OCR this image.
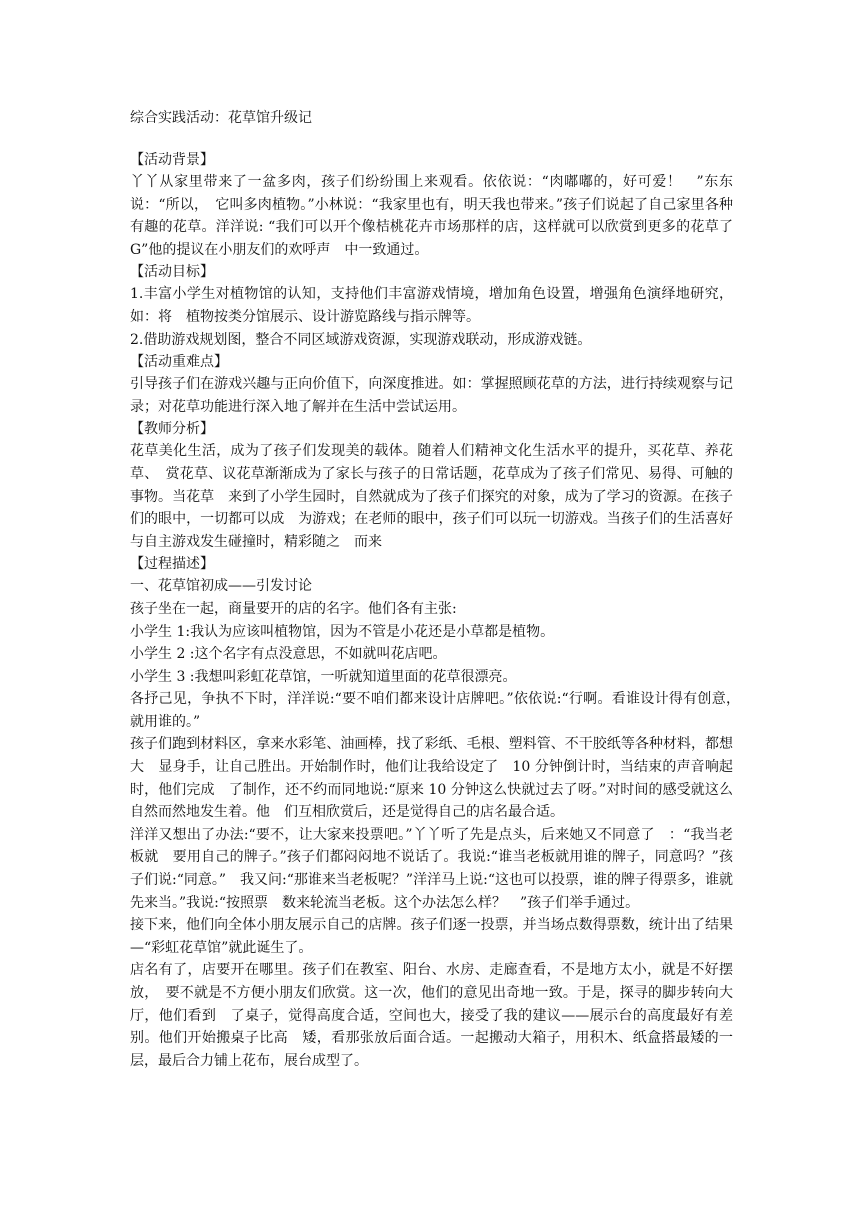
综合实践活动：花草馆升级记

【活动背景】

丫丫从家里带来了一盆多肉，孩子们纷纷围上来观看。依依说：“肉嘟嘟的，好可爱！　”东东说：“所以，　它叫多肉植物。”小林说：“我家里也有，明天我也带来。”孩子们说起了自己家里各种有趣的花草。洋洋说: “我们可以开个像桔桃花卉市场那样的店，这样就可以欣赏到更多的花草了　G”他的提议在小朋友们的欢呼声　中一致通过。

【活动目标】

1.丰富小学生对植物馆的认知，支持他们丰富游戏情境，增加角色设置，增强角色演绎地研究，如：将　植物按类分馆展示、设计游览路线与指示牌等。

2.借助游戏规划图，整合不同区域游戏资源，实现游戏联动，形成游戏链。

【活动重难点】

引导孩子们在游戏兴趣与正向价值下，向深度推进。如：掌握照顾花草的方法，进行持续观察与记　录；对花草功能进行深入地了解并在生活中尝试运用。

【教师分析】

花草美化生活，成为了孩子们发现美的载体。随着人们精神文化生活水平的提升，买花草、养花草、　赏花草、议花草渐渐成为了家长与孩子的日常话题，花草成为了孩子们常见、易得、可触的事物。当花草　来到了小学生园时，自然就成为了孩子们探究的对象，成为了学习的资源。在孩子们的眼中，一切都可以成　为游戏；在老师的眼中，孩子们可以玩一切游戏。当孩子们的生活喜好与自主游戏发生碰撞时，精彩随之　而来

【过程描述】

一、花草馆初成——引发讨论

孩子坐在一起，商量要开的店的名字。他们各有主张:

小学生 1:我认为应该叫植物馆，因为不管是小花还是小草都是植物。

小学生 2 :这个名字有点没意思，不如就叫花店吧。

小学生 3 :我想叫彩虹花草馆，一听就知道里面的花草很漂亮。

各抒己见，争执不下时，洋洋说:“要不咱们都来设计店牌吧。”依依说:“行啊。看谁设计得有创意，　就用谁的。”

孩子们跑到材料区，拿来水彩笔、油画棒，找了彩纸、毛根、塑料管、不干胶纸等各种材料，都想大　显身手，让自己胜出。开始制作时，他们让我给设定了　10 分钟倒计时，当结束的声音响起时，他们完成　了制作，还不约而同地说:“原来 10 分钟这么快就过去了呀。”对时间的感受就这么自然而然地发生着。他　们互相欣赏后，还是觉得自己的店名最合适。

洋洋又想出了办法:“要不，让大家来投票吧。”丫丫听了先是点头，后来她又不同意了　：“我当老板就　要用自己的牌子。”孩子们都闷闷地不说话了。我说:“谁当老板就用谁的牌子，同意吗？”孩子们说:“同意。”　我又问:“那谁来当老板呢？”洋洋马上说:“这也可以投票，谁的牌子得票多，谁就先来当。”我说:“按照票　数来轮流当老板。这个办法怎么样？　”孩子们举手通过。

接下来，他们向全体小朋友展示自己的店牌。孩子们逐一投票，并当场点数得票数，统计出了结果　　—“彩虹花草馆”就此诞生了。

店名有了，店要开在哪里。孩子们在教室、阳台、水房、走廊查看，不是地方太小，就是不好摆放，　要不就是不方便小朋友们欣赏。这一次，他们的意见出奇地一致。于是，探寻的脚步转向大厅，他们看到　了桌子，觉得高度合适，空间也大，接受了我的建议——展示台的高度最好有差别。他们开始搬桌子比高　矮，看那张放后面合适。一起搬动大箱子，用积木、纸盒搭最矮的一层，最后合力铺上花布，展台成型了。
